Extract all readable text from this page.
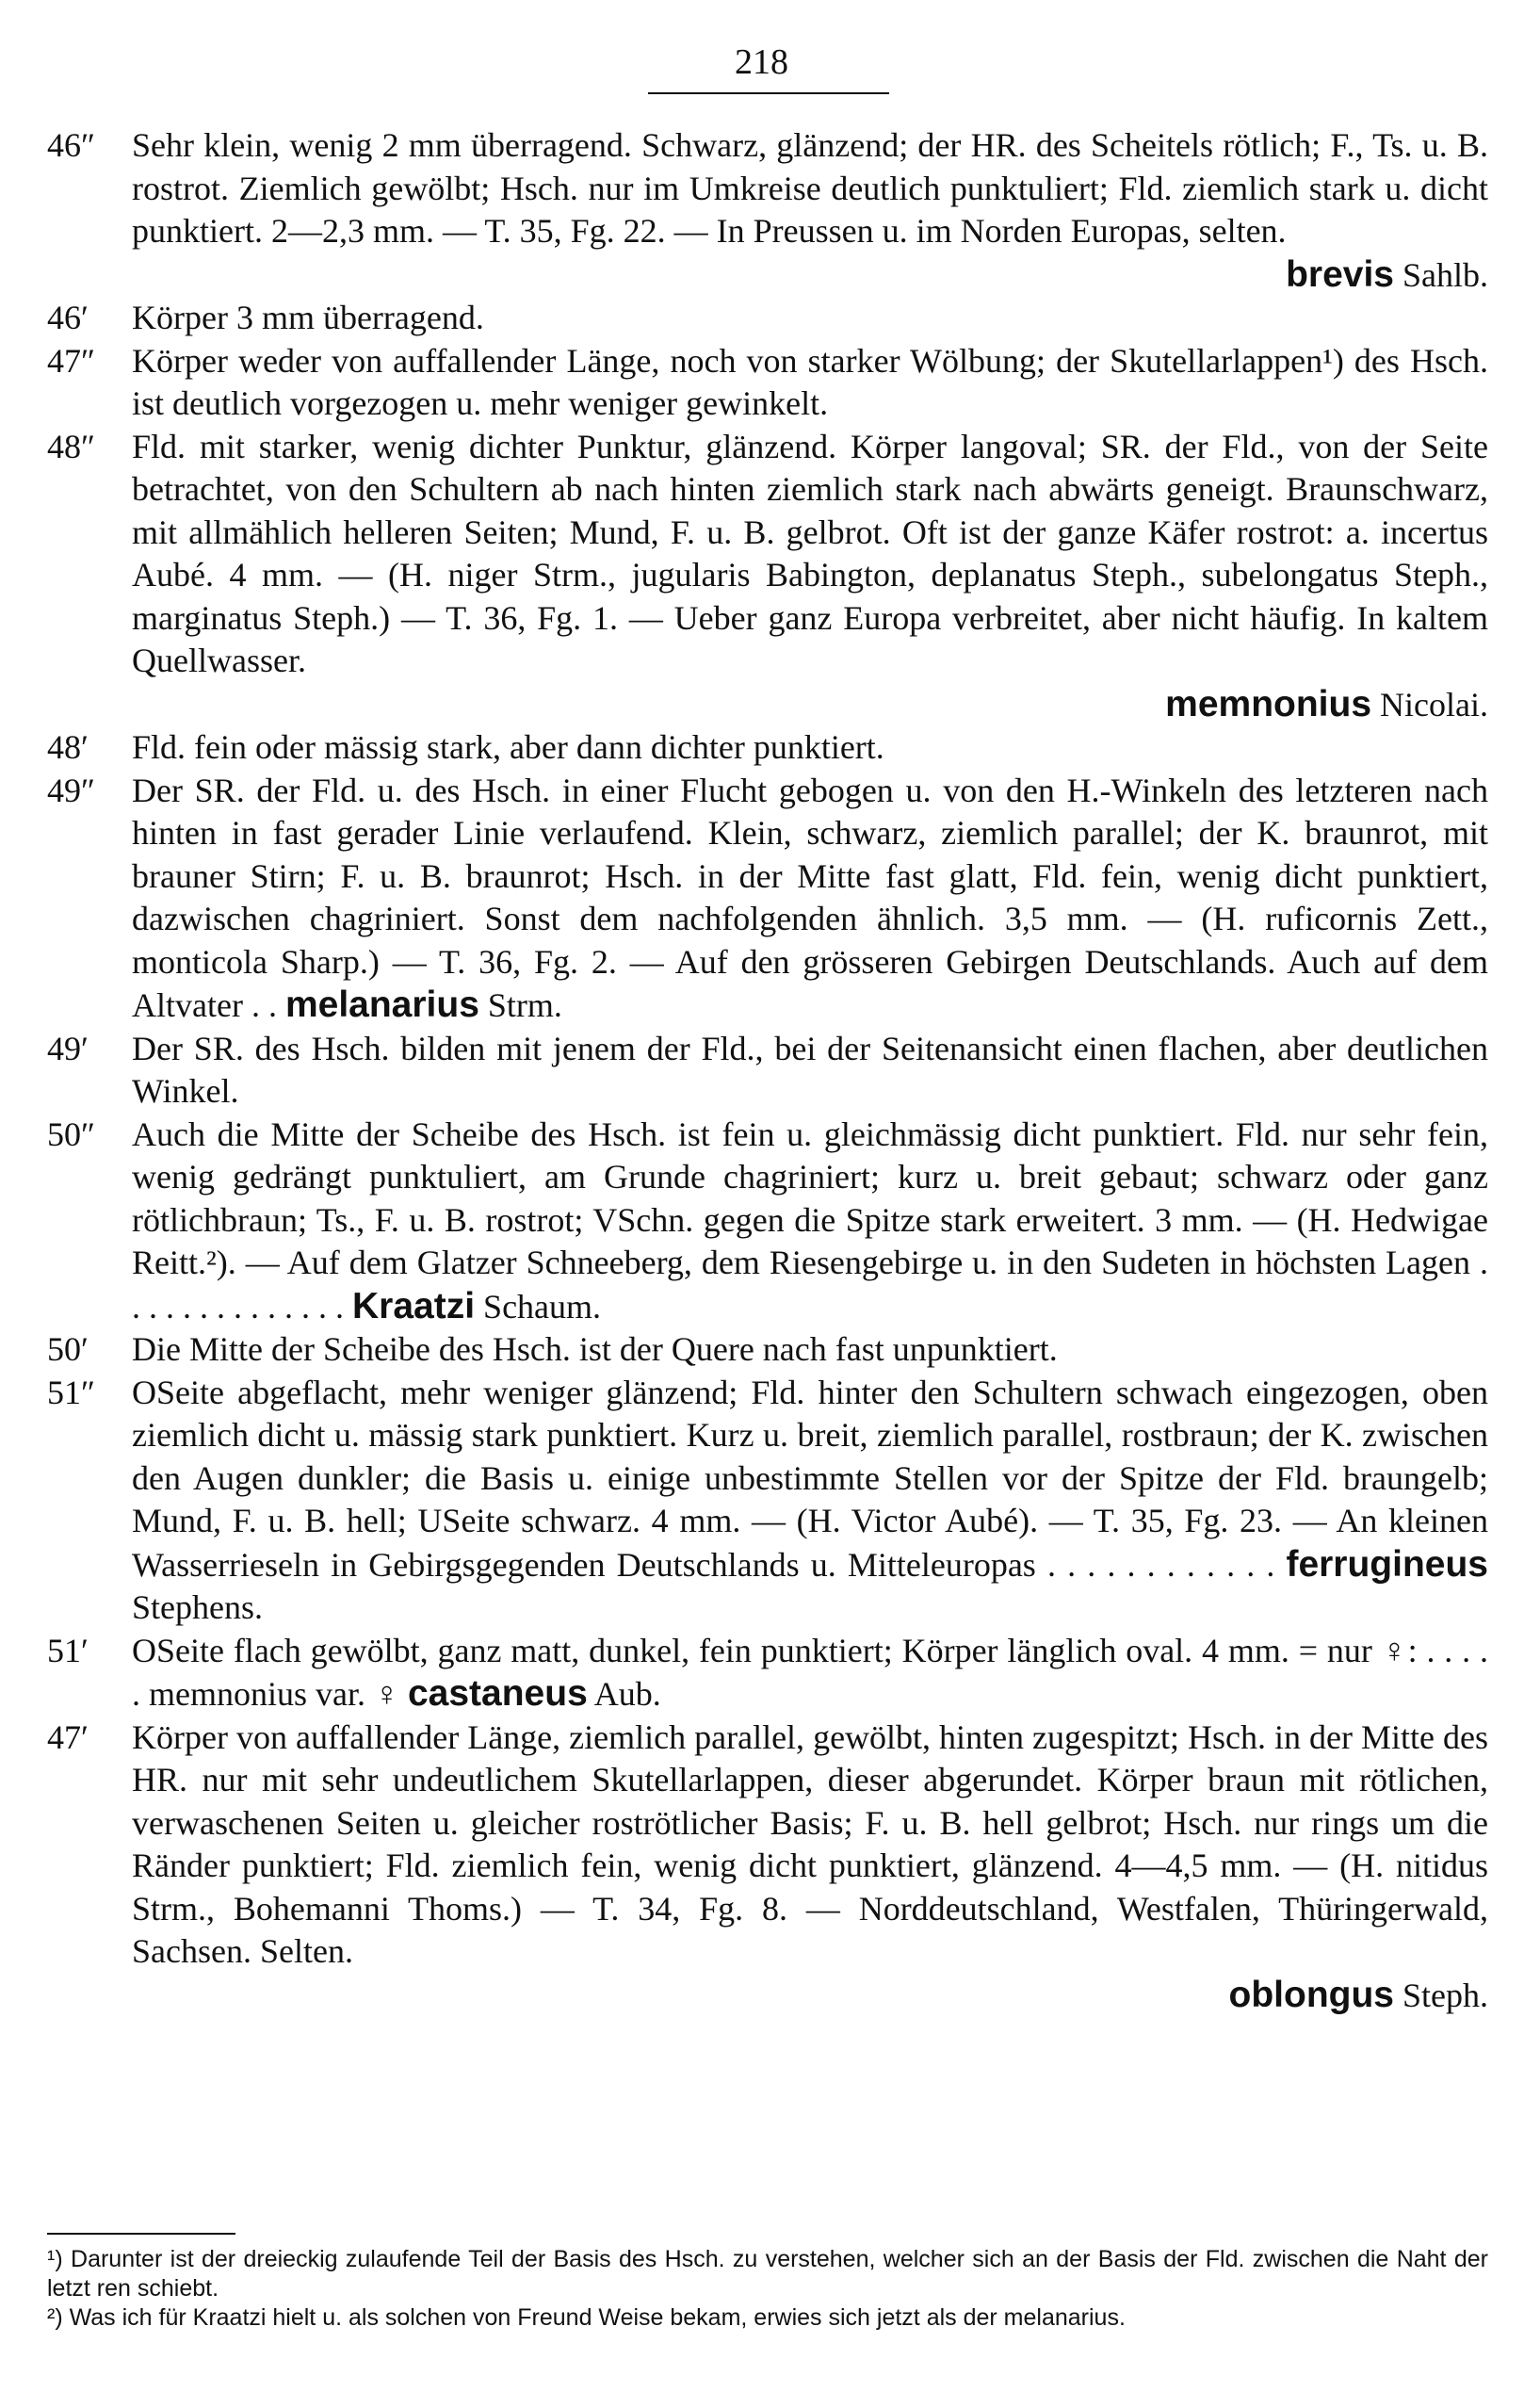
218
46″	Sehr klein, wenig 2 mm überragend. Schwarz, glänzend; der HR. des Scheitels rötlich; F., Ts. u. B. rostrot. Ziemlich gewölbt; Hsch. nur im Umkreise deutlich punktuliert; Fld. ziemlich stark u. dicht punktiert. 2—2,3 mm. — T. 35, Fg. 22. — In Preussen u. im Norden Europas, selten.
brevis Sahlb.
46′	Körper 3 mm überragend.
47″	Körper weder von auffallender Länge, noch von starker Wölbung; der Skutellarlappen¹) des Hsch. ist deutlich vorgezogen u. mehr weniger gewinkelt.
48″	Fld. mit starker, wenig dichter Punktur, glänzend. Körper langoval; SR. der Fld., von der Seite betrachtet, von den Schultern ab nach hinten ziemlich stark nach abwärts geneigt. Braunschwarz, mit allmählich helleren Seiten; Mund, F. u. B. gelbrot. Oft ist der ganze Käfer rostrot: a. incertus Aubé. 4 mm. — (H. niger Strm., jugularis Babington, deplanatus Steph., subelongatus Steph., marginatus Steph.) — T. 36, Fg. 1. — Ueber ganz Europa verbreitet, aber nicht häufig. In kaltem Quellwasser.
memnonius Nicolai.
48′	Fld. fein oder mässig stark, aber dann dichter punktiert.
49″	Der SR. der Fld. u. des Hsch. in einer Flucht gebogen u. von den H.-Winkeln des letzteren nach hinten in fast gerader Linie verlaufend. Klein, schwarz, ziemlich parallel; der K. braunrot, mit brauner Stirn; F. u. B. braunrot; Hsch. in der Mitte fast glatt, Fld. fein, wenig dicht punktiert, dazwischen chagriniert. Sonst dem nachfolgenden ähnlich. 3,5 mm. — (H. ruficornis Zett., monticola Sharp.) — T. 36, Fg. 2. — Auf den grösseren Gebirgen Deutschlands. Auch auf dem Altvater . . melanarius Strm.
49′	Der SR. des Hsch. bilden mit jenem der Fld., bei der Seitenansicht einen flachen, aber deutlichen Winkel.
50″	Auch die Mitte der Scheibe des Hsch. ist fein u. gleichmässig dicht punktiert. Fld. nur sehr fein, wenig gedrängt punktuliert, am Grunde chagriniert; kurz u. breit gebaut; schwarz oder ganz rötlichbraun; Ts., F. u. B. rostrot; VSchn. gegen die Spitze stark erweitert. 3 mm. — (H. Hedwigae Reitt.²). — Auf dem Glatzer Schneeberg, dem Riesengebirge u. in den Sudeten in höchsten Lagen . . . . . . . . . . . . . . Kraatzi Schaum.
50′	Die Mitte der Scheibe des Hsch. ist der Quere nach fast unpunktiert.
51″	OSeite abgeflacht, mehr weniger glänzend; Fld. hinter den Schultern schwach eingezogen, oben ziemlich dicht u. mässig stark punktiert. Kurz u. breit, ziemlich parallel, rostbraun; der K. zwischen den Augen dunkler; die Basis u. einige unbestimmte Stellen vor der Spitze der Fld. braungelb; Mund, F. u. B. hell; USeite schwarz. 4 mm. — (H. Victor Aubé). — T. 35, Fg. 23. — An kleinen Wasserrieseln in Gebirgsgegenden Deutschlands u. Mitteleuropas . . . . . . . . . . . . ferrugineus Stephens.
51′	OSeite flach gewölbt, ganz matt, dunkel, fein punktiert; Körper länglich oval. 4 mm. = nur ♀: . . . . . memnonius var. ♀ castaneus Aub.
47′	Körper von auffallender Länge, ziemlich parallel, gewölbt, hinten zugespitzt; Hsch. in der Mitte des HR. nur mit sehr undeutlichem Skutellarlappen, dieser abgerundet. Körper braun mit rötlichen, verwaschenen Seiten u. gleicher roströtlicher Basis; F. u. B. hell gelbrot; Hsch. nur rings um die Ränder punktiert; Fld. ziemlich fein, wenig dicht punktiert, glänzend. 4—4,5 mm. — (H. nitidus Strm., Bohemanni Thoms.) — T. 34, Fg. 8. — Norddeutschland, Westfalen, Thüringerwald, Sachsen. Selten.
oblongus Steph.
¹) Darunter ist der dreieckig zulaufende Teil der Basis des Hsch. zu verstehen, welcher sich an der Basis der Fld. zwischen die Naht der letzt ren schiebt.
²) Was ich für Kraatzi hielt u. als solchen von Freund Weise bekam, erwies sich jetzt als der melanarius.
